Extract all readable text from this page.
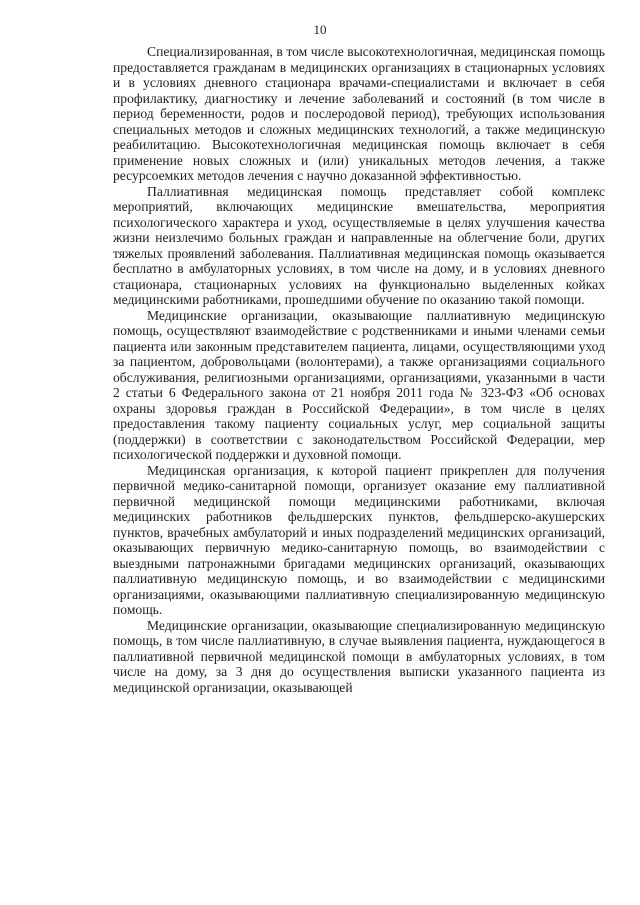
10

Специализированная, в том числе высокотехнологичная, медицинская помощь предоставляется гражданам в медицинских организациях в стационарных условиях и в условиях дневного стационара врачами-специалистами и включает в себя профилактику, диагностику и лечение заболеваний и состояний (в том числе в период беременности, родов и послеродовой период), требующих использования специальных методов и сложных медицинских технологий, а также медицинскую реабилитацию. Высокотехнологичная медицинская помощь включает в себя применение новых сложных и (или) уникальных методов лечения, а также ресурсоемких методов лечения с научно доказанной эффективностью.

Паллиативная медицинская помощь представляет собой комплекс мероприятий, включающих медицинские вмешательства, мероприятия психологического характера и уход, осуществляемые в целях улучшения качества жизни неизлечимо больных граждан и направленные на облегчение боли, других тяжелых проявлений заболевания. Паллиативная медицинская помощь оказывается бесплатно в амбулаторных условиях, в том числе на дому, и в условиях дневного стационара, стационарных условиях на функционально выделенных койках медицинскими работниками, прошедшими обучение по оказанию такой помощи.

Медицинские организации, оказывающие паллиативную медицинскую помощь, осуществляют взаимодействие с родственниками и иными членами семьи пациента или законным представителем пациента, лицами, осуществляющими уход за пациентом, добровольцами (волонтерами), а также организациями социального обслуживания, религиозными организациями, организациями, указанными в части 2 статьи 6 Федерального закона от 21 ноября 2011 года № 323-ФЗ «Об основах охраны здоровья граждан в Российской Федерации», в том числе в целях предоставления такому пациенту социальных услуг, мер социальной защиты (поддержки) в соответствии с законодательством Российской Федерации, мер психологической поддержки и духовной помощи.

Медицинская организация, к которой пациент прикреплен для получения первичной медико-санитарной помощи, организует оказание ему паллиативной первичной медицинской помощи медицинскими работниками, включая медицинских работников фельдшерских пунктов, фельдшерско-акушерских пунктов, врачебных амбулаторий и иных подразделений медицинских организаций, оказывающих первичную медико-санитарную помощь, во взаимодействии с выездными патронажными бригадами медицинских организаций, оказывающих паллиативную медицинскую помощь, и во взаимодействии с медицинскими организациями, оказывающими паллиативную специализированную медицинскую помощь.

Медицинские организации, оказывающие специализированную медицинскую помощь, в том числе паллиативную, в случае выявления пациента, нуждающегося в паллиативной первичной медицинской помощи в амбулаторных условиях, в том числе на дому, за 3 дня до осуществления выписки указанного пациента из медицинской организации, оказывающей
